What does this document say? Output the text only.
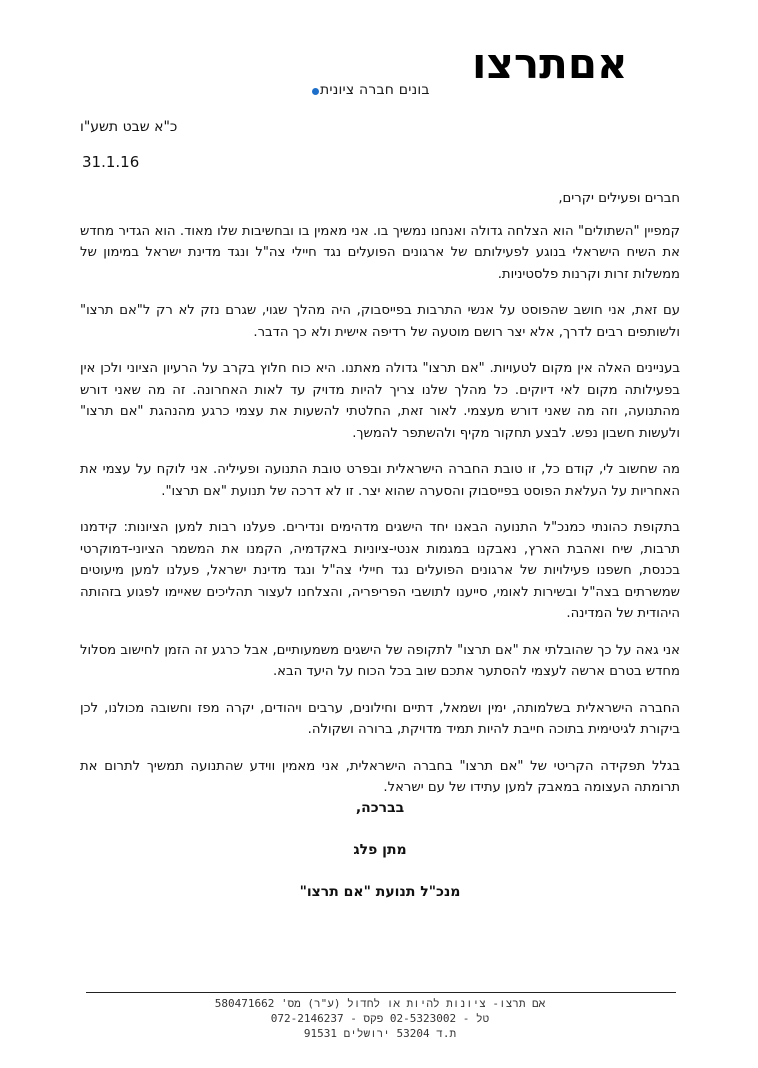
אםתרצו
בונים חברה ציונית
כ"א שבט תשע"ו
31.1.16

חברים ופעילים יקרים,

קמפיין "השתולים" הוא הצלחה גדולה ואנחנו נמשיך בו. אני מאמין בו ובחשיבות שלו מאוד. הוא הגדיר מחדש את השיח הישראלי בנוגע לפעילותם של ארגונים הפועלים נגד חיילי צה"ל ונגד מדינת ישראל במימון של ממשלות זרות וקרנות פלסטיניות.

עם זאת, אני חושב שהפוסט על אנשי התרבות בפייסבוק, היה מהלך שגוי, שגרם נזק לא רק ל"אם תרצו" ולשותפים רבים לדרך, אלא יצר רושם מוטעה של רדיפה אישית ולא כך הדבר.

בעניינים האלה אין מקום לטעויות. "אם תרצו" גדולה מאתנו. היא כוח חלוץ בקרב על הרעיון הציוני ולכן אין בפעילותה מקום לאי דיוקים. כל מהלך שלנו צריך להיות מדויק עד לאות האחרונה. זה מה שאני דורש מהתנועה, וזה מה שאני דורש מעצמי. לאור זאת, החלטתי להשעות את עצמי כרגע מהנהגת "אם תרצו" ולעשות חשבון נפש. לבצע תחקור מקיף ולהשתפר להמשך.

מה שחשוב לי, קודם כל, זו טובת החברה הישראלית ובפרט טובת התנועה ופעיליה. אני לוקח על עצמי את האחריות על העלאת הפוסט בפייסבוק והסערה שהוא יצר. זו לא דרכה של תנועת "אם תרצו".

בתקופת כהונתי כמנכ"ל התנועה הבאנו יחד הישגים מדהימים ונדירים. פעלנו רבות למען הציונות: קידמנו תרבות, שיח ואהבת הארץ, נאבקנו במגמות אנטי-ציוניות באקדמיה, הקמנו את המשמר הציוני-דמוקרטי בכנסת, חשפנו פעילויות של ארגונים הפועלים נגד חיילי צה"ל ונגד מדינת ישראל, פעלנו למען מיעוטים שמשרתים בצה"ל ובשירות לאומי, סייענו לתושבי הפריפריה, והצלחנו לעצור תהליכים שאיימו לפגוע בזהותה היהודית של המדינה.

אני גאה על כך שהובלתי את "אם תרצו" לתקופה של הישגים משמעותיים, אבל כרגע זה הזמן לחישוב מסלול מחדש בטרם ארשה לעצמי להסתער אתכם שוב בכל הכוח על היעד הבא.

החברה הישראלית בשלמותה, ימין ושמאל, דתיים וחילונים, ערבים ויהודים, יקרה מפז וחשובה מכולנו, לכן ביקורת לגיטימית בתוכה חייבת להיות תמיד מדויקת, ברורה ושקולה.

בגלל תפקידה הקריטי של "אם תרצו" בחברה הישראלית, אני מאמין ווידע שהתנועה תמשיך לתרום את תרומתה העצומה במאבק למען עתידו של עם ישראל.

בברכה,
מתן פלג
מנכ"ל תנועת "אם תרצו"
אם תרצו- ציונות להיות או לחדול (ע"ר) מס' 580471662
טל - 02-5323002 פקס - 072-2146237
ת.ד 53204 ירושלים 91531
